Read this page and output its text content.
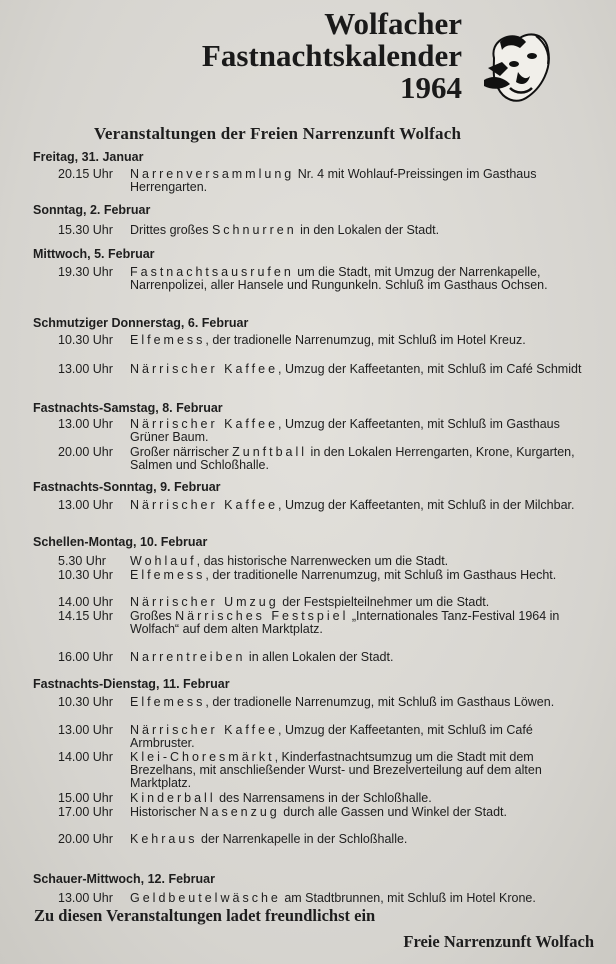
Wolfacher
Fastnachtskalender
1964
Veranstaltungen der Freien Narrenzunft Wolfach
Freitag, 31. Januar
20.15 Uhr Narrenversammlung Nr. 4 mit Wohlauf-Preissingen im Gasthaus Herrengarten.
Sonntag, 2. Februar
15.30 Uhr Drittes großes Schnurren in den Lokalen der Stadt.
Mittwoch, 5. Februar
19.30 Uhr Fastnachtsausrufen um die Stadt, mit Umzug der Narrenkapelle, Narrenpolizei, aller Hansele und Rungunkeln. Schluß im Gasthaus Ochsen.
Schmutziger Donnerstag, 6. Februar
10.30 Uhr Elfemess, der tradionelle Narrenumzug, mit Schluß im Hotel Kreuz.
13.00 Uhr Närrischer Kaffee, Umzug der Kaffeetanten, mit Schluß im Café Schmidt
Fastnachts-Samstag, 8. Februar
13.00 Uhr Närrischer Kaffee, Umzug der Kaffeetanten, mit Schluß im Gasthaus Grüner Baum.
20.00 Uhr Großer närrischer Zunftball in den Lokalen Herrengarten, Krone, Kurgarten, Salmen und Schloßhalle.
Fastnachts-Sonntag, 9. Februar
13.00 Uhr Närrischer Kaffee, Umzug der Kaffeetanten, mit Schluß in der Milchbar.
Schellen-Montag, 10. Februar
5.30 Uhr Wohlauf, das historische Narrenwecken um die Stadt.
10.30 Uhr Elfemess, der traditionelle Narrenumzug, mit Schluß im Gasthaus Hecht.
14.00 Uhr Närrischer Umzug der Festspielteilnehmer um die Stadt.
14.15 Uhr Großes Närrisches Festspiel „Internationales Tanz-Festival 1964 in Wolfach“ auf dem alten Marktplatz.
16.00 Uhr Narrentreiben in allen Lokalen der Stadt.
Fastnachts-Dienstag, 11. Februar
10.30 Uhr Elfemess, der tradionelle Narrenumzug, mit Schluß im Gasthaus Löwen.
13.00 Uhr Närrischer Kaffee, Umzug der Kaffeetanten, mit Schluß im Café Armbruster.
14.00 Uhr Klei-Choresmärkt, Kinderfastnachtsumzug um die Stadt mit dem Brezelhans, mit anschließender Wurst- und Brezelverteilung auf dem alten Marktplatz.
15.00 Uhr Kinderball des Narrensamens in der Schloßhalle.
17.00 Uhr Historischer Nasenzug durch alle Gassen und Winkel der Stadt.
20.00 Uhr Kehraus der Narrenkapelle in der Schloßhalle.
Schauer-Mittwoch, 12. Februar
13.00 Uhr Geldbeutelwäsche am Stadtbrunnen, mit Schluß im Hotel Krone.
Zu diesen Veranstaltungen ladet freundlichst ein
Freie Narrenzunft Wolfach
